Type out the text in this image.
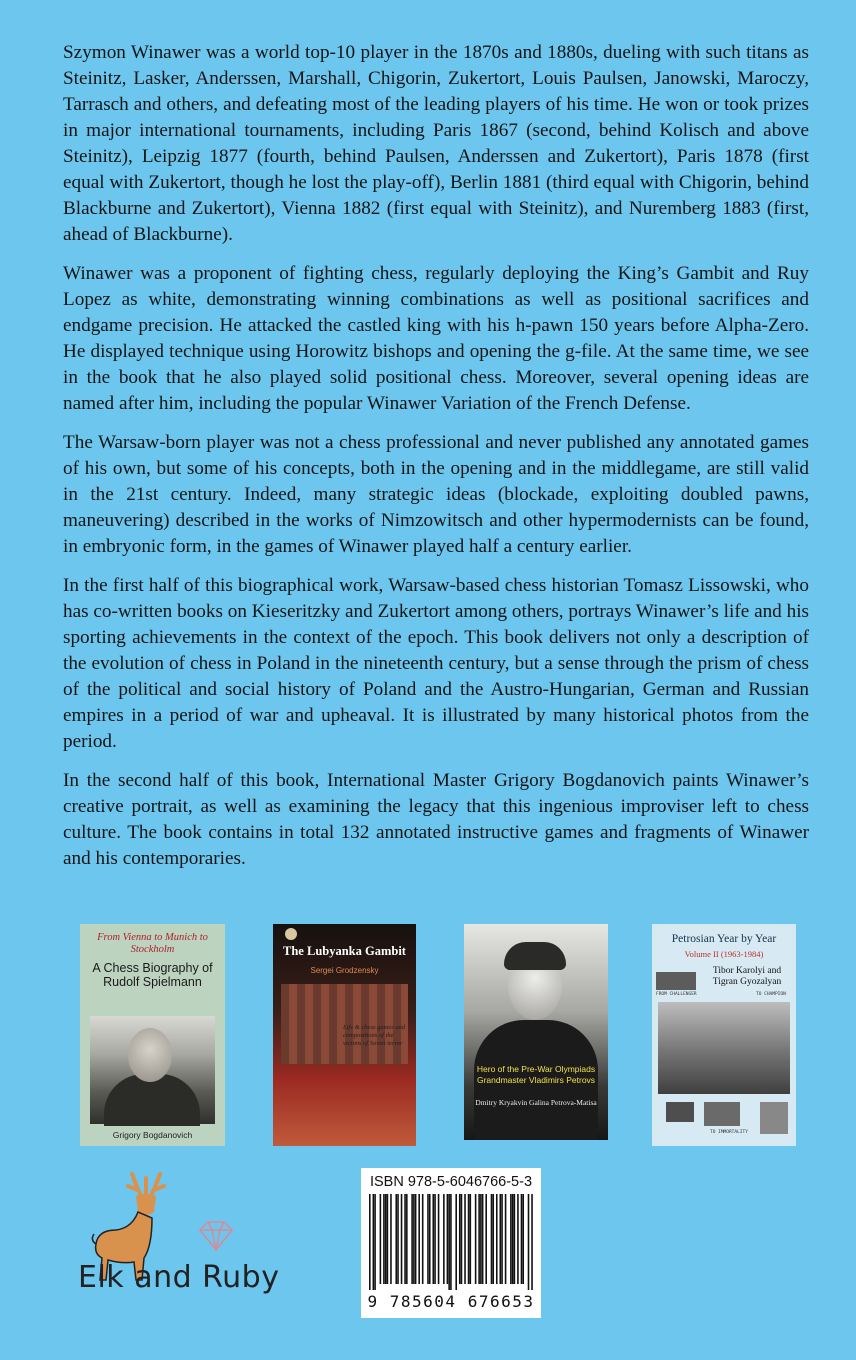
Szymon Winawer was a world top-10 player in the 1870s and 1880s, dueling with such titans as Steinitz, Lasker, Anderssen, Marshall, Chigorin, Zukertort, Louis Paulsen, Janowski, Maroczy, Tarrasch and others, and defeating most of the leading players of his time. He won or took prizes in major international tournaments, including Paris 1867 (second, behind Kolisch and above Steinitz), Leipzig 1877 (fourth, behind Paulsen, Anderssen and Zukertort), Paris 1878 (first equal with Zukertort, though he lost the play-off), Berlin 1881 (third equal with Chigorin, behind Blackburne and Zukertort), Vienna 1882 (first equal with Steinitz), and Nuremberg 1883 (first, ahead of Blackburne).

Winawer was a proponent of fighting chess, regularly deploying the King’s Gambit and Ruy Lopez as white, demonstrating winning combinations as well as positional sacrifices and endgame precision. He attacked the castled king with his h-pawn 150 years before Alpha-Zero. He displayed technique using Horowitz bishops and opening the g-file. At the same time, we see in the book that he also played solid positional chess. Moreover, several opening ideas are named after him, including the popular Winawer Variation of the French Defense.

The Warsaw-born player was not a chess professional and never published any annotated games of his own, but some of his concepts, both in the opening and in the middlegame, are still valid in the 21st century. Indeed, many strategic ideas (blockade, exploiting doubled pawns, maneuvering) described in the works of Nimzowitsch and other hypermodernists can be found, in embryonic form, in the games of Winawer played half a century earlier.

In the first half of this biographical work, Warsaw-based chess historian Tomasz Lissowski, who has co-written books on Kieseritzky and Zukertort among others, portrays Winawer’s life and his sporting achievements in the context of the epoch. This book delivers not only a description of the evolution of chess in Poland in the nineteenth century, but a sense through the prism of chess of the political and social history of Poland and the Austro-Hungarian, German and Russian empires in a period of war and upheaval. It is illustrated by many historical photos from the period.

In the second half of this book, International Master Grigory Bogdanovich paints Winawer’s creative portrait, as well as examining the legacy that this ingenious improviser left to chess culture. The book contains in total 132 annotated instructive games and fragments of Winawer and his contemporaries.

From Vienna to Munich to Stockholm
A Chess Biography of Rudolf Spielmann
Grigory Bogdanovich
The Lubyanka Gambit
Sergei Grodzensky
Life & chess games and compositions of the victims of Soviet terror
Hero of the Pre-War Olympiads Grandmaster Vladimirs Petrovs
Dmitry Kryakvin Galina Petrova-Matisa
Petrosian Year by Year
Volume II (1963-1984)
Tibor Karolyi and Tigran Gyozalyan
FROM CHALLENGER	TO CHAMPION
TO IMMORTALITY
Elk and Ruby
ISBN 978-5-6046766-5-3
9 785604 676653
